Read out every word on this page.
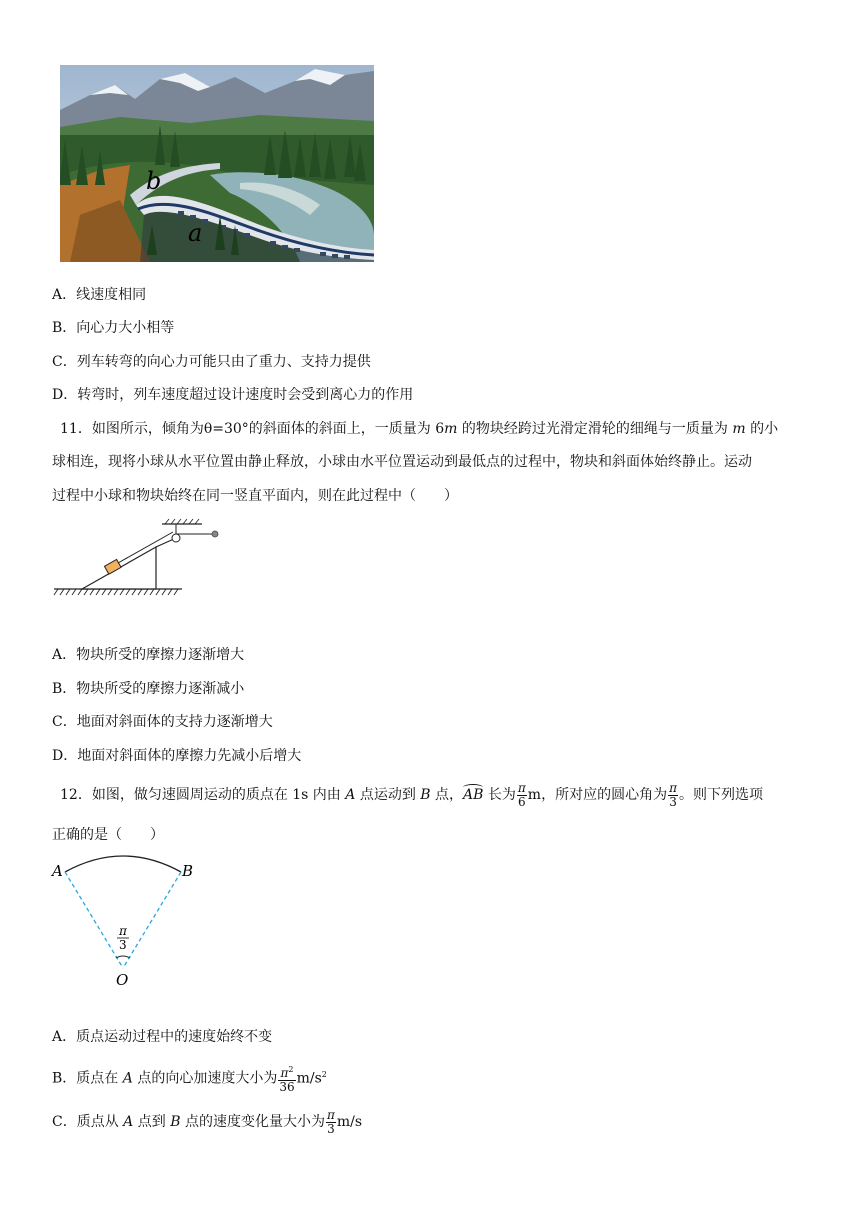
b
a
A．线速度相同
B．向心力大小相等
C．列车转弯的向心力可能只由了重力、支持力提供
D．转弯时，列车速度超过设计速度时会受到离心力的作用
11．如图所示，倾角为θ=30°的斜面体的斜面上，一质量为 6m 的物块经跨过光滑定滑轮的细绳与一质量为 m 的小
球相连，现将小球从水平位置由静止释放，小球由水平位置运动到最低点的过程中，物块和斜面体始终静止。运动
过程中小球和物块始终在同一竖直平面内，则在此过程中（　　）
A．物块所受的摩擦力逐渐增大
B．物块所受的摩擦力逐渐减小
C．地面对斜面体的支持力逐渐增大
D．地面对斜面体的摩擦力先减小后增大
12．如图，做匀速圆周运动的质点在 1s 内由 A 点运动到 B 点，
AB 长为 $\frac{\pi}{6}$ m，所对应的圆心角为 $\frac{\pi}{3}$ 。则下列选项
正确的是（　　）
A	B
O
π
3
A．质点运动过程中的速度始终不变
B．质点在 A 点的向心加速度大小为 $\frac{\pi^2}{36} m/s^2$
C．质点从 A 点到 B 点的速度变化量大小为 $\frac{\pi}{3} m/s$
